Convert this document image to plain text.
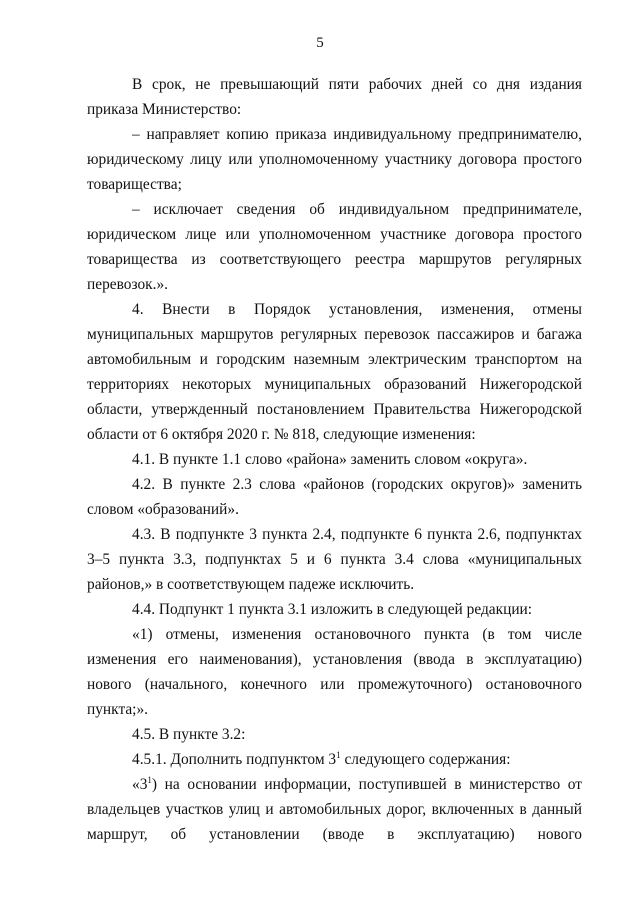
5

В срок, не превышающий пяти рабочих дней со дня издания приказа Министерство:

– направляет копию приказа индивидуальному предпринимателю, юридическому лицу или уполномоченному участнику договора простого товарищества;

– исключает сведения об индивидуальном предпринимателе, юридическом лице или уполномоченном участнике договора простого товарищества из соответствующего реестра маршрутов регулярных перевозок.».

4. Внести в Порядок установления, изменения, отмены муниципальных маршрутов регулярных перевозок пассажиров и багажа автомобильным и городским наземным электрическим транспортом на территориях некоторых муниципальных образований Нижегородской области, утвержденный постановлением Правительства Нижегородской области от 6 октября 2020 г. № 818, следующие изменения:

4.1. В пункте 1.1 слово «района» заменить словом «округа».

4.2. В пункте 2.3 слова «районов (городских округов)» заменить словом «образований».

4.3. В подпункте 3 пункта 2.4, подпункте 6 пункта 2.6, подпунктах 3–5 пункта 3.3, подпунктах 5 и 6 пункта 3.4 слова «муниципальных районов,» в соответствующем падеже исключить.

4.4. Подпункт 1 пункта 3.1 изложить в следующей редакции:

«1) отмены, изменения остановочного пункта (в том числе изменения его наименования), установления (ввода в эксплуатацию) нового (начального, конечного или промежуточного) остановочного пункта;».

4.5. В пункте 3.2:

4.5.1. Дополнить подпунктом $3^1$ следующего содержания:

«$3^1$) на основании информации, поступившей в министерство от владельцев участков улиц и автомобильных дорог, включенных в данный маршрут, об установлении (вводе в эксплуатацию) нового
